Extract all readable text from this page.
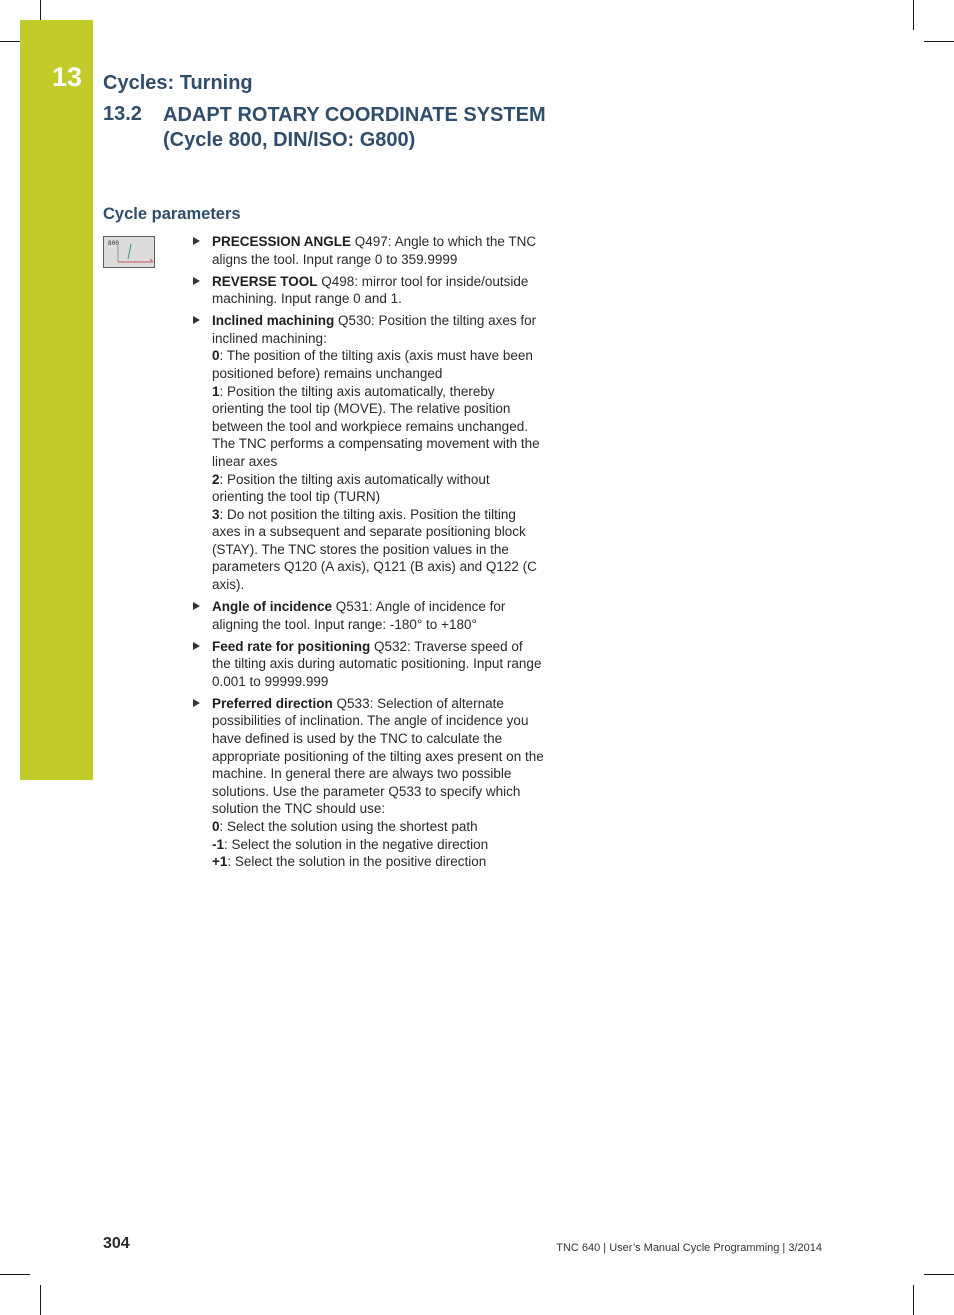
13 Cycles: Turning
13.2 ADAPT ROTARY COORDINATE SYSTEM
(Cycle 800, DIN/ISO: G800)
Cycle parameters
800	PRECESSION ANGLE Q497: Angle to which the TNC aligns the tool. Input range 0 to 359.9999
REVERSE TOOL Q498: mirror tool for inside/outside machining. Input range 0 and 1.
Inclined machining Q530: Position the tilting axes for inclined machining:
0: The position of the tilting axis (axis must have been positioned before) remains unchanged
1: Position the tilting axis automatically, thereby orienting the tool tip (MOVE). The relative position between the tool and workpiece remains unchanged. The TNC performs a compensating movement with the linear axes
2: Position the tilting axis automatically without orienting the tool tip (TURN)
3: Do not position the tilting axis. Position the tilting axes in a subsequent and separate positioning block (STAY). The TNC stores the position values in the parameters Q120 (A axis), Q121 (B axis) and Q122 (C axis).
Angle of incidence Q531: Angle of incidence for aligning the tool. Input range: -180° to +180°
Feed rate for positioning Q532: Traverse speed of the tilting axis during automatic positioning. Input range 0.001 to 99999.999
Preferred direction Q533: Selection of alternate possibilities of inclination. The angle of incidence you have defined is used by the TNC to calculate the appropriate positioning of the tilting axes present on the machine. In general there are always two possible solutions. Use the parameter Q533 to specify which solution the TNC should use:
0: Select the solution using the shortest path
-1: Select the solution in the negative direction
+1: Select the solution in the positive direction
304	TNC 640 | User’s Manual Cycle Programming | 3/2014
